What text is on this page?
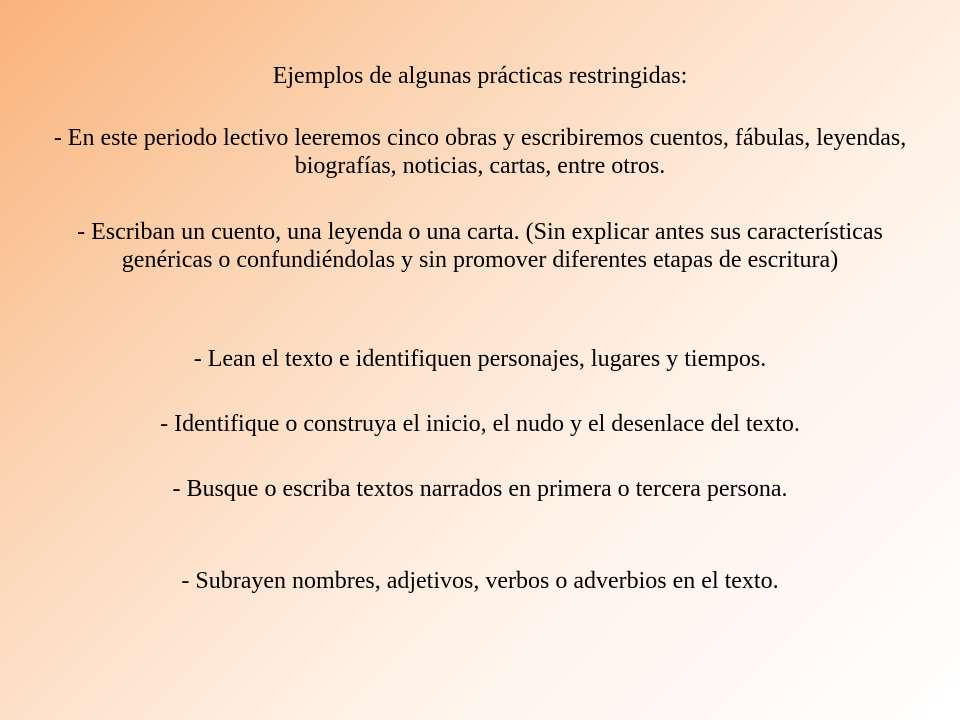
Ejemplos de algunas prácticas restringidas:

- En este periodo lectivo leeremos cinco obras y escribiremos cuentos, fábulas, leyendas, biografías, noticias, cartas, entre otros.

- Escriban un cuento, una leyenda o una carta. (Sin explicar antes sus características genéricas o confundiéndolas y sin promover diferentes etapas de escritura)

- Lean el texto e identifiquen personajes, lugares y tiempos.

- Identifique o construya el inicio, el nudo y el desenlace del texto.

- Busque o escriba textos narrados en primera o tercera persona.

- Subrayen nombres, adjetivos, verbos o adverbios en el texto.
